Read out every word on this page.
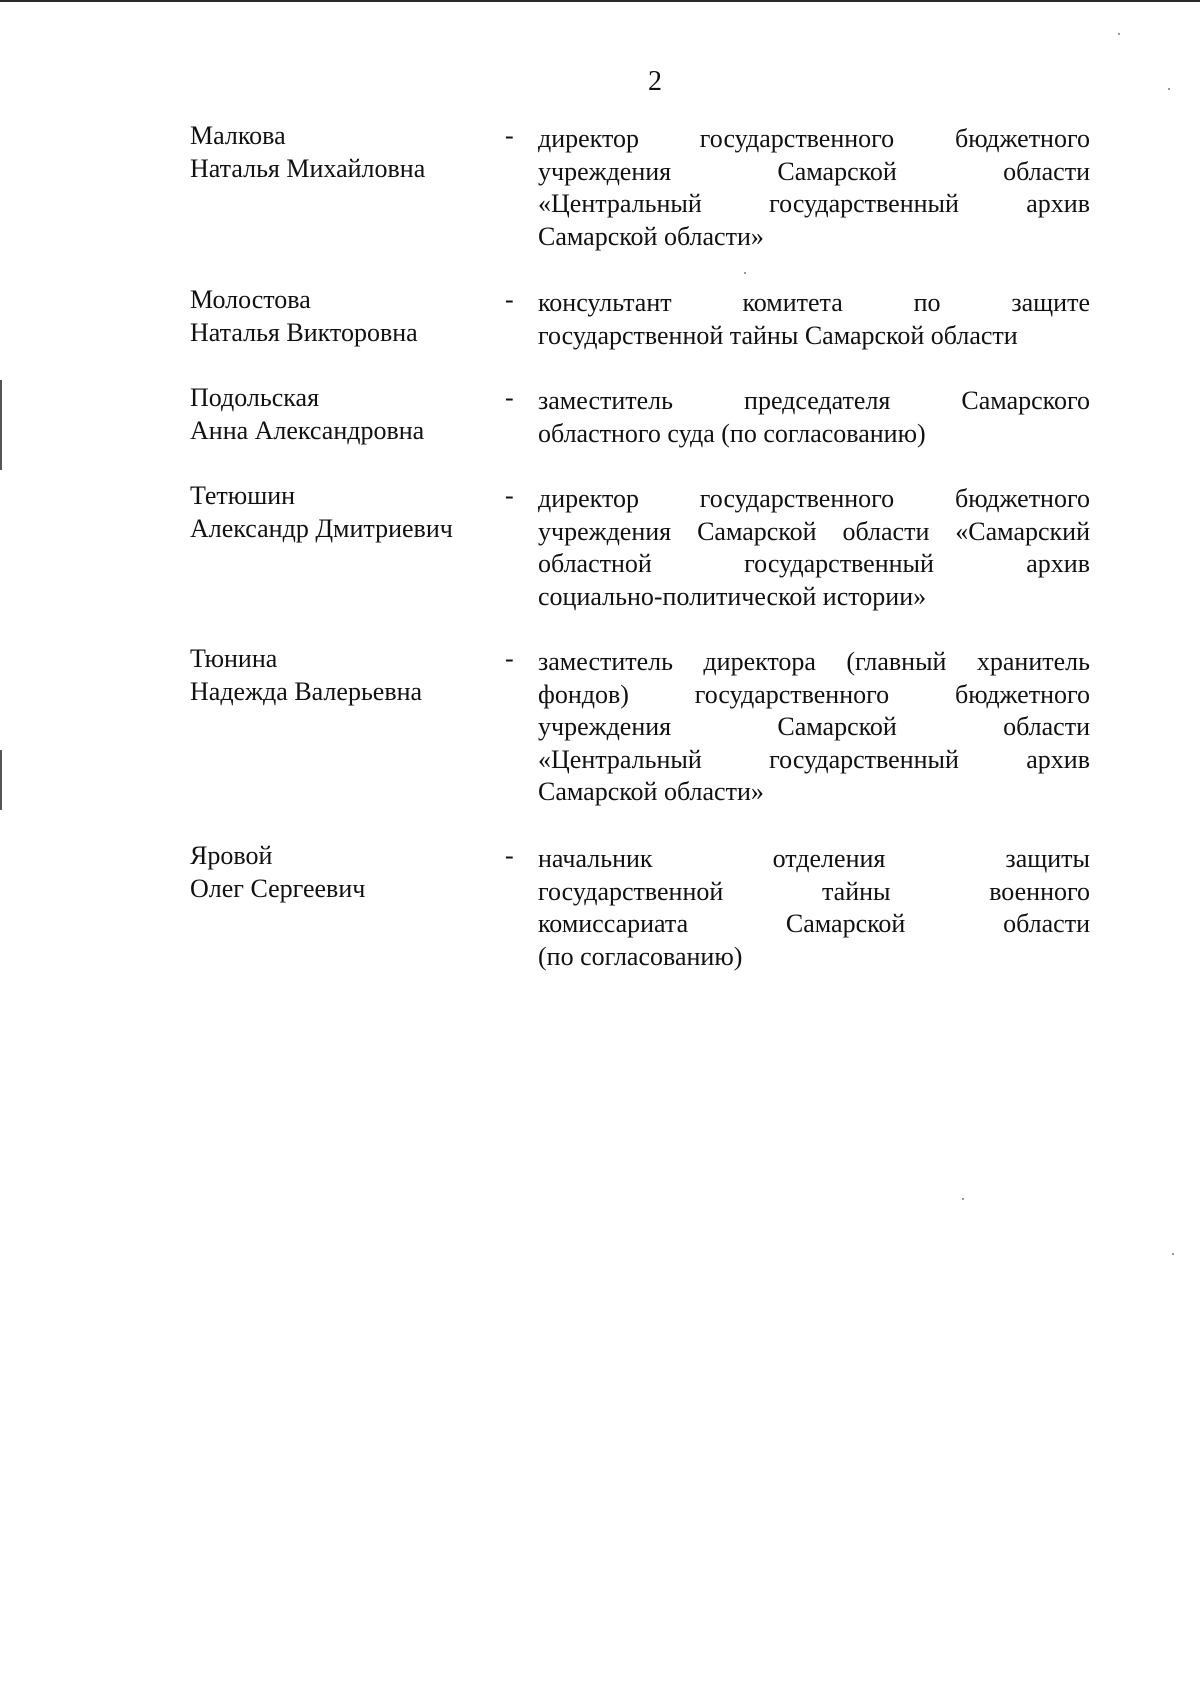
2
Малкова
Наталья Михайловна
- директор государственного бюджетного
учреждения Самарской области
«Центральный государственный архив
Самарской области»
Молостова
Наталья Викторовна
- консультант комитета по защите
государственной тайны Самарской области
Подольская
Анна Александровна
- заместитель председателя Самарского
областного суда (по согласованию)
Тетюшин
Александр Дмитриевич
- директор государственного бюджетного
учреждения Самарской области «Самарский
областной государственный архив
социально-политической истории»
Тюнина
Надежда Валерьевна
- заместитель директора (главный хранитель
фондов) государственного бюджетного
учреждения Самарской области
«Центральный государственный архив
Самарской области»
Яровой
Олег Сергеевич
- начальник отделения защиты
государственной тайны военного
комиссариата Самарской области
(по согласованию)
